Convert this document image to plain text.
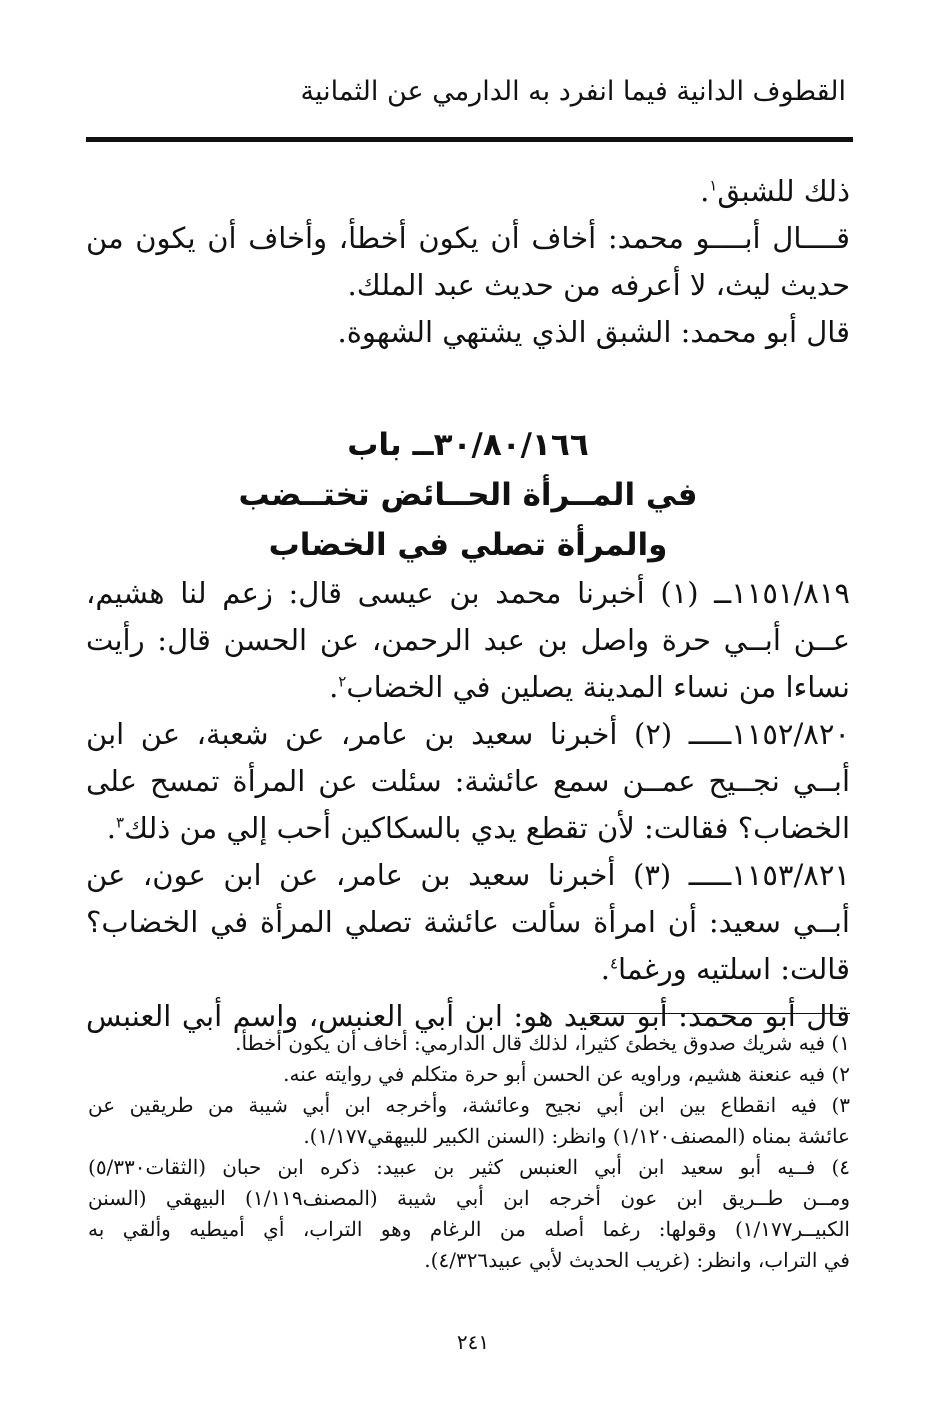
القطوف الدانية فيما انفرد به الدارمي عن الثمانية
ذلك للشبق$^١$.
قــــال أبــــو محمد: أخاف أن يكون أخطأ، وأخاف أن يكون من
حديث ليث، لا أعرفه من حديث عبد الملك.
قال أبو محمد: الشبق الذي يشتهي الشهوة.
٣٠/٨٠/١٦٦ــ باب
في المــرأة الحــائض تختــضب
والمرأة تصلي في الخضاب
١١٥١/٨١٩ــ (١) أخبرنا محمد بن عيسى قال: زعم لنا هشيم،
عــن أبــي حرة واصل بن عبد الرحمن، عن الحسن قال: رأيت
نساءا من نساء المدينة يصلين في الخضاب$^٢$.
١١٥٢/٨٢٠ـــــ (٢) أخبرنا سعيد بن عامر، عن شعبة، عن ابن
أبــي نجــيح عمــن سمع عائشة: سئلت عن المرأة تمسح على
الخضاب؟ فقالت: لأن تقطع يدي بالسكاكين أحب إلي من ذلك$^٣$.
١١٥٣/٨٢١ـــــ (٣) أخبرنا سعيد بن عامر، عن ابن عون، عن
أبــي سعيد: أن امرأة سألت عائشة تصلي المرأة في الخضاب؟
قالت: اسلتيه ورغما$^٤$.
قال أبو محمد: أبو سعيد هو: ابن أبي العنبس، واسم أبي العنبس
١) فيه شريك صدوق يخطئ كثيرا، لذلك قال الدارمي: أخاف أن يكون أخطأ.
٢) فيه عنعنة هشيم، وراويه عن الحسن أبو حرة متكلم في روايته عنه.
٣) فيه انقطاع بين ابن أبي نجيح وعائشة، وأخرجه ابن أبي شيبة من طريقين عن
عائشة بمناه (المصنف١/١٢٠) وانظر: (السنن الكبير للبيهقي١/١٧٧).
٤) فــيه أبو سعيد ابن أبي العنبس كثير بن عبيد: ذكره ابن حبان (الثقات٥/٣٣٠)
ومــن طــريق ابن عون أخرجه ابن أبي شيبة (المصنف١/١١٩) البيهقي (السنن
الكبيــر١/١٧٧) وقولها: رغما أصله من الرغام وهو التراب، أي أميطيه وألقي به
في التراب، وانظر: (غريب الحديث لأبي عبيد٤/٣٢٦).
٢٤١
